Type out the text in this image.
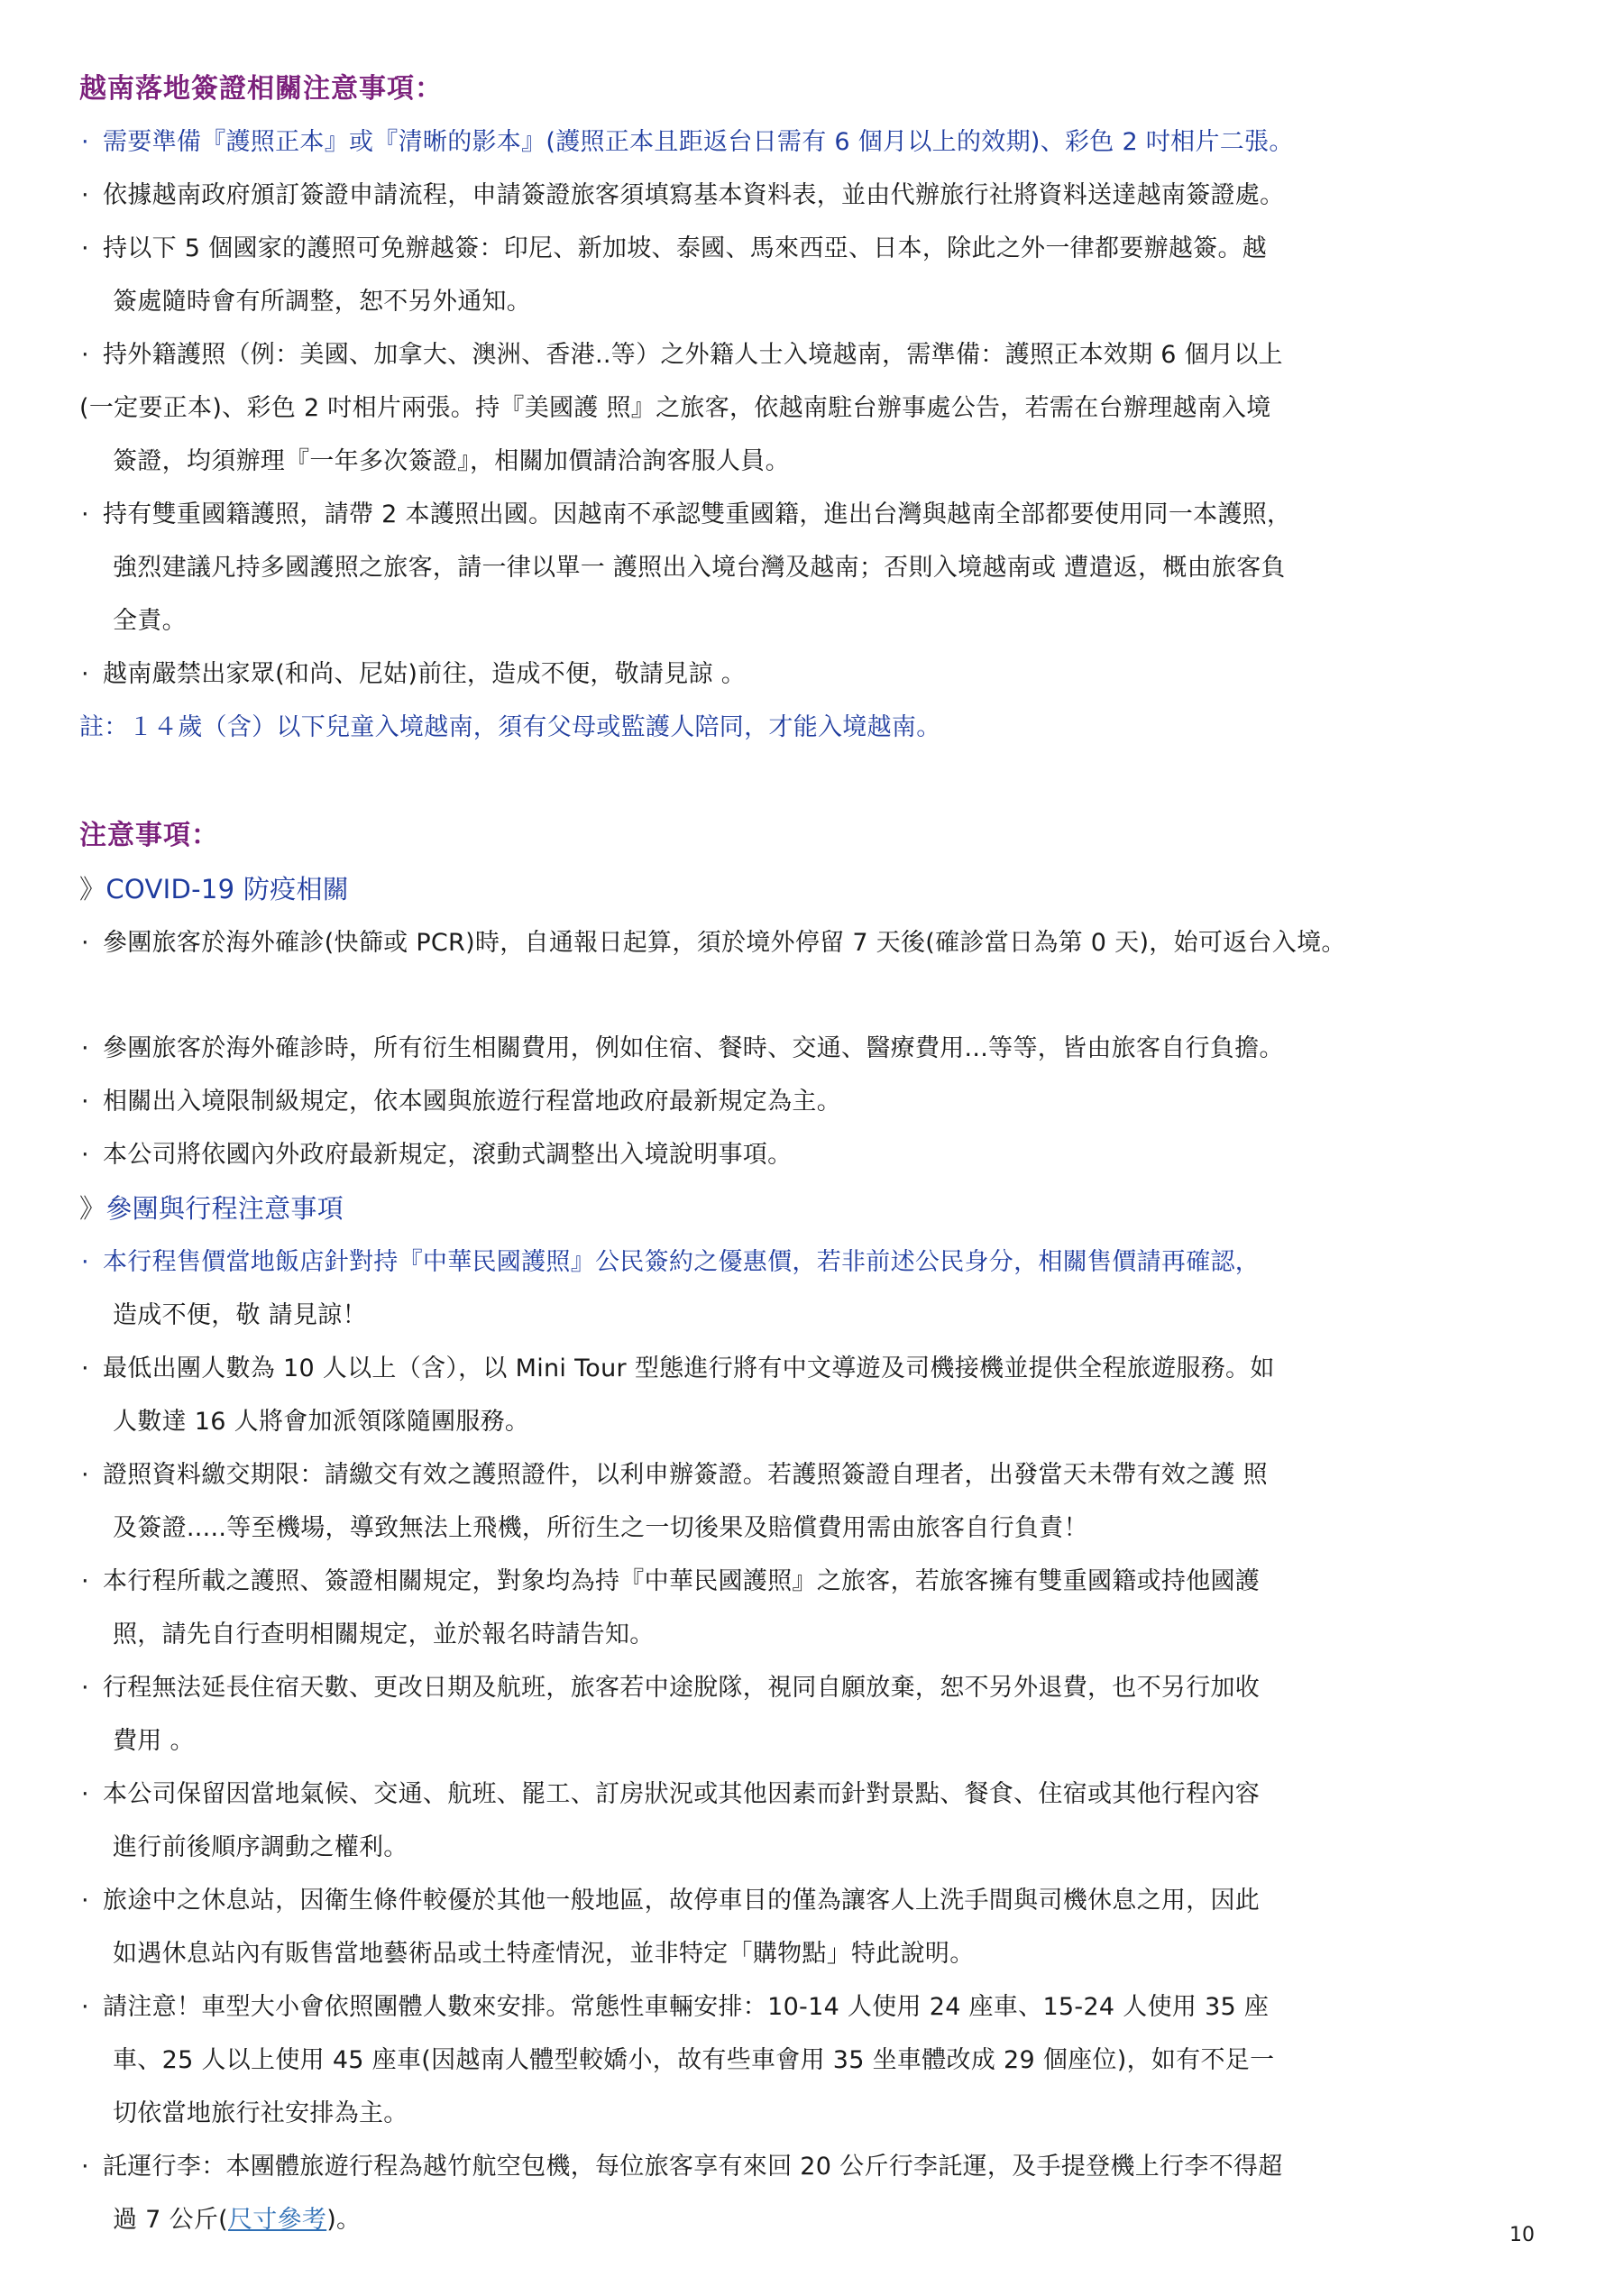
越南落地簽證相關注意事項：
· 需要準備『護照正本』或『清晰的影本』(護照正本且距返台日需有 6 個月以上的效期)、彩色 2 吋相片二張。
· 依據越南政府頒訂簽證申請流程，申請簽證旅客須填寫基本資料表，並由代辦旅行社將資料送達越南簽證處。
· 持以下 5 個國家的護照可免辦越簽：印尼、新加坡、泰國、馬來西亞、日本，除此之外一律都要辦越簽。越
簽處隨時會有所調整，恕不另外通知。
· 持外籍護照（例：美國、加拿大、澳洲、香港..等）之外籍人士入境越南，需準備：護照正本效期 6 個月以上
(一定要正本)、彩色 2 吋相片兩張。持『美國護 照』之旅客，依越南駐台辦事處公告，若需在台辦理越南入境
簽證，均須辦理『一年多次簽證』，相關加價請洽詢客服人員。
· 持有雙重國籍護照，請帶 2 本護照出國。因越南不承認雙重國籍，進出台灣與越南全部都要使用同一本護照，
強烈建議凡持多國護照之旅客，請一律以單一 護照出入境台灣及越南；否則入境越南或 遭遣返，概由旅客負
全責。
· 越南嚴禁出家眾(和尚、尼姑)前往，造成不便，敬請見諒 。
註：１４歲（含）以下兒童入境越南，須有父母或監護人陪同，才能入境越南。
注意事項：
》COVID-19 防疫相關
· 參團旅客於海外確診(快篩或 PCR)時，自通報日起算，須於境外停留 7 天後(確診當日為第 0 天)，始可返台入境。
· 參團旅客於海外確診時，所有衍生相關費用，例如住宿、餐時、交通、醫療費用...等等，皆由旅客自行負擔。
· 相關出入境限制級規定，依本國與旅遊行程當地政府最新規定為主。
· 本公司將依國內外政府最新規定，滾動式調整出入境說明事項。
》參團與行程注意事項
· 本行程售價當地飯店針對持『中華民國護照』公民簽約之優惠價，若非前述公民身分，相關售價請再確認，
造成不便，敬 請見諒！
· 最低出團人數為 10 人以上（含），以 Mini Tour 型態進行將有中文導遊及司機接機並提供全程旅遊服務。如
人數達 16 人將會加派領隊隨團服務。
· 證照資料繳交期限：請繳交有效之護照證件，以利申辦簽證。若護照簽證自理者，出發當天未帶有效之護 照
及簽證.....等至機場，導致無法上飛機，所衍生之一切後果及賠償費用需由旅客自行負責！
· 本行程所載之護照、簽證相關規定，對象均為持『中華民國護照』之旅客，若旅客擁有雙重國籍或持他國護
照，請先自行查明相關規定，並於報名時請告知。
· 行程無法延長住宿天數、更改日期及航班，旅客若中途脫隊，視同自願放棄，恕不另外退費，也不另行加收
費用 。
· 本公司保留因當地氣候、交通、航班、罷工、訂房狀況或其他因素而針對景點、餐食、住宿或其他行程內容
進行前後順序調動之權利。
· 旅途中之休息站，因衛生條件較優於其他一般地區，故停車目的僅為讓客人上洗手間與司機休息之用，因此
如遇休息站內有販售當地藝術品或土特產情況，並非特定「購物點」特此說明。
· 請注意！車型大小會依照團體人數來安排。常態性車輛安排：10-14 人使用 24 座車、15-24 人使用 35 座
車、25 人以上使用 45 座車(因越南人體型較嬌小，故有些車會用 35 坐車體改成 29 個座位)，如有不足一
切依當地旅行社安排為主。
· 託運行李：本團體旅遊行程為越竹航空包機，每位旅客享有來回 20 公斤行李託運，及手提登機上行李不得超
過 7 公斤(尺寸參考)。
10
